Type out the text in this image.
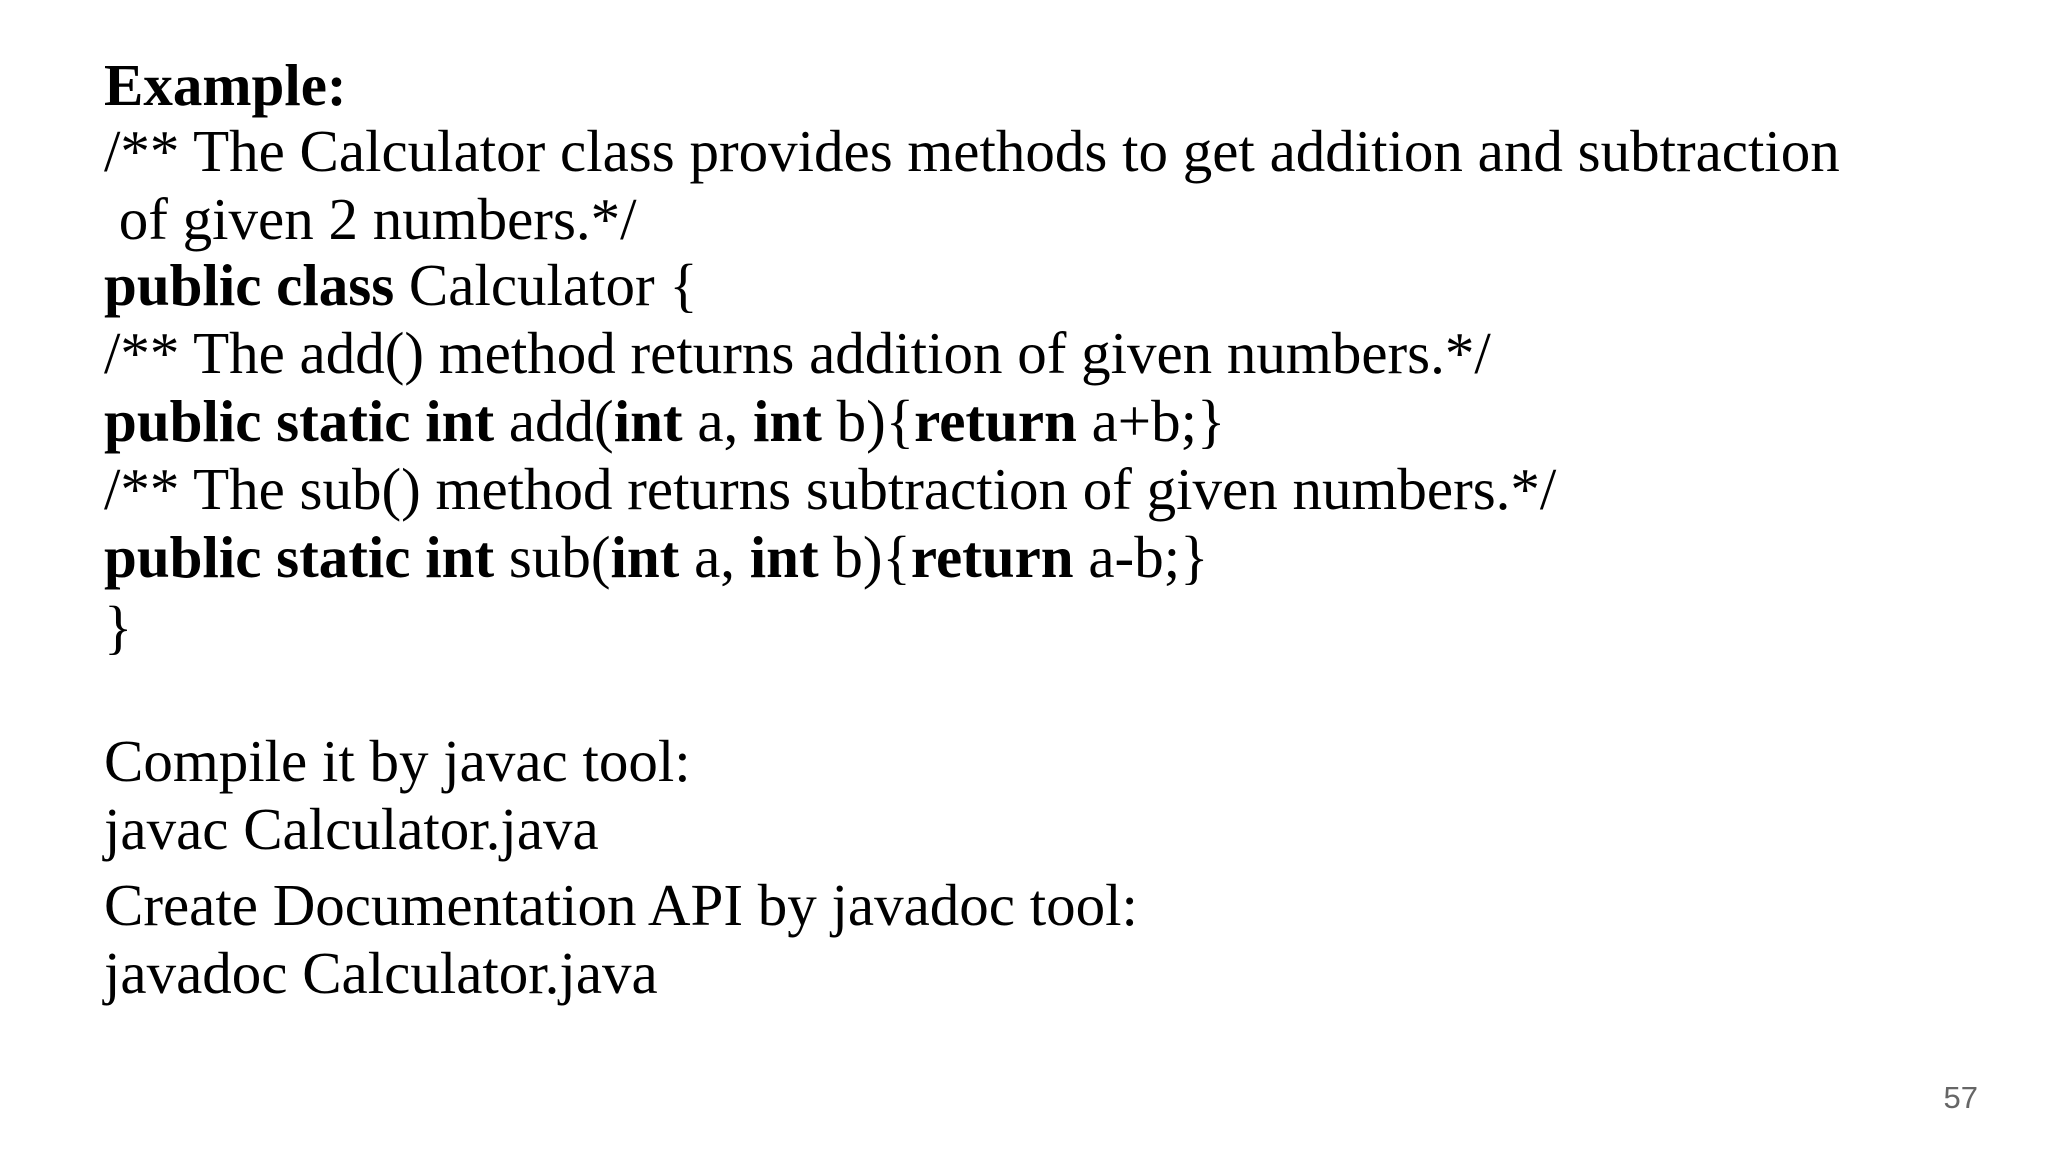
Example:

/** The Calculator class provides methods to get addition and subtraction

of given 2 numbers.*/

public class Calculator {

/** The add() method returns addition of given numbers.*/

public static int add(int a, int b){return a+b;}

/** The sub() method returns subtraction of given numbers.*/

public static int sub(int a, int b){return a-b;}

}

Compile it by javac tool:

javac Calculator.java

Create Documentation API by javadoc tool:

javadoc Calculator.java

57
